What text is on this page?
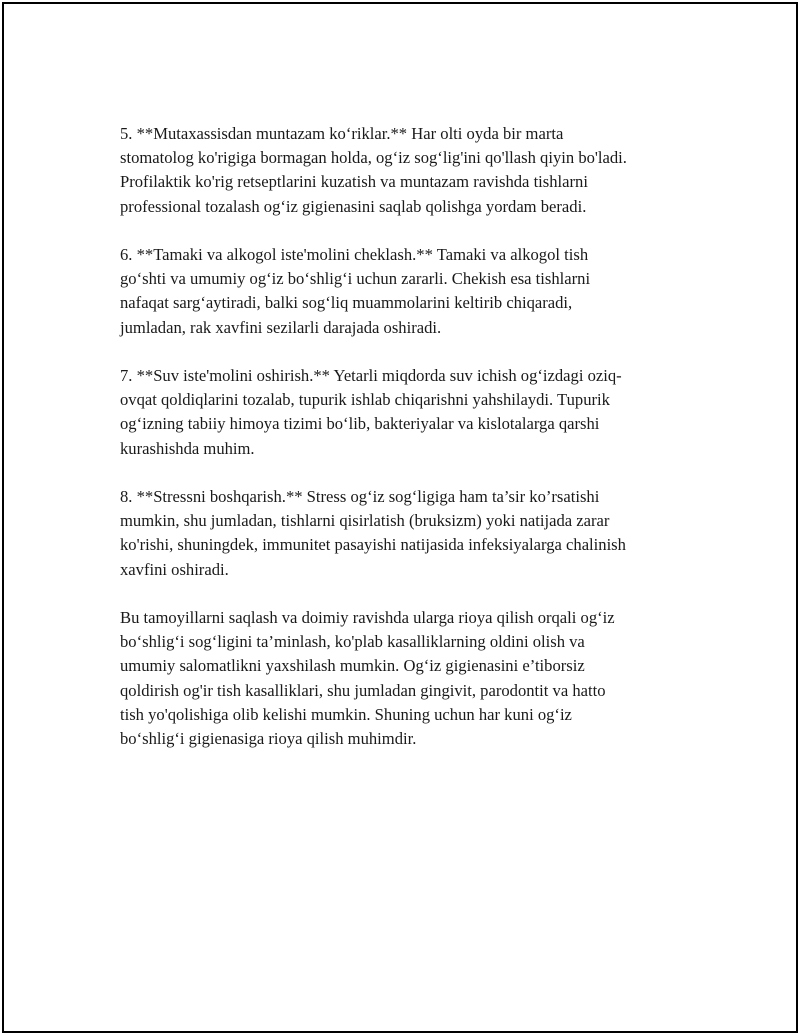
5. **Mutaxassisdan muntazam ko‘riklar.** Har olti oyda bir marta
stomatolog ko'rigiga bormagan holda, og‘iz sog‘lig'ini qo'llash qiyin bo'ladi.
Profilaktik ko'rig retseptlarini kuzatish va muntazam ravishda tishlarni
professional tozalash og‘iz gigienasini saqlab qolishga yordam beradi.

6. **Tamaki va alkogol iste'molini cheklash.** Tamaki va alkogol tish
go‘shti va umumiy og‘iz bo‘shlig‘i uchun zararli. Chekish esa tishlarni
nafaqat sarg‘aytiradi, balki sog‘liq muammolarini keltirib chiqaradi,
jumladan, rak xavfini sezilarli darajada oshiradi.

7. **Suv iste'molini oshirish.** Yetarli miqdorda suv ichish og‘izdagi oziq-
ovqat qoldiqlarini tozalab, tupurik ishlab chiqarishni yahshilaydi. Tupurik
og‘izning tabiiy himoya tizimi bo‘lib, bakteriyalar va kislotalarga qarshi
kurashishda muhim.

8. **Stressni boshqarish.** Stress og‘iz sog‘ligiga ham ta’sir ko’rsatishi
mumkin, shu jumladan, tishlarni qisirlatish (bruksizm) yoki natijada zarar
ko'rishi, shuningdek, immunitet pasayishi natijasida infeksiyalarga chalinish
xavfini oshiradi.

Bu tamoyillarni saqlash va doimiy ravishda ularga rioya qilish orqali og‘iz
bo‘shlig‘i sog‘ligini ta’minlash, ko'plab kasalliklarning oldini olish va
umumiy salomatlikni yaxshilash mumkin. Og‘iz gigienasini e’tiborsiz
qoldirish og'ir tish kasalliklari, shu jumladan gingivit, parodontit va hatto
tish yo'qolishiga olib kelishi mumkin. Shuning uchun har kuni og‘iz
bo‘shlig‘i gigienasiga rioya qilish muhimdir.
